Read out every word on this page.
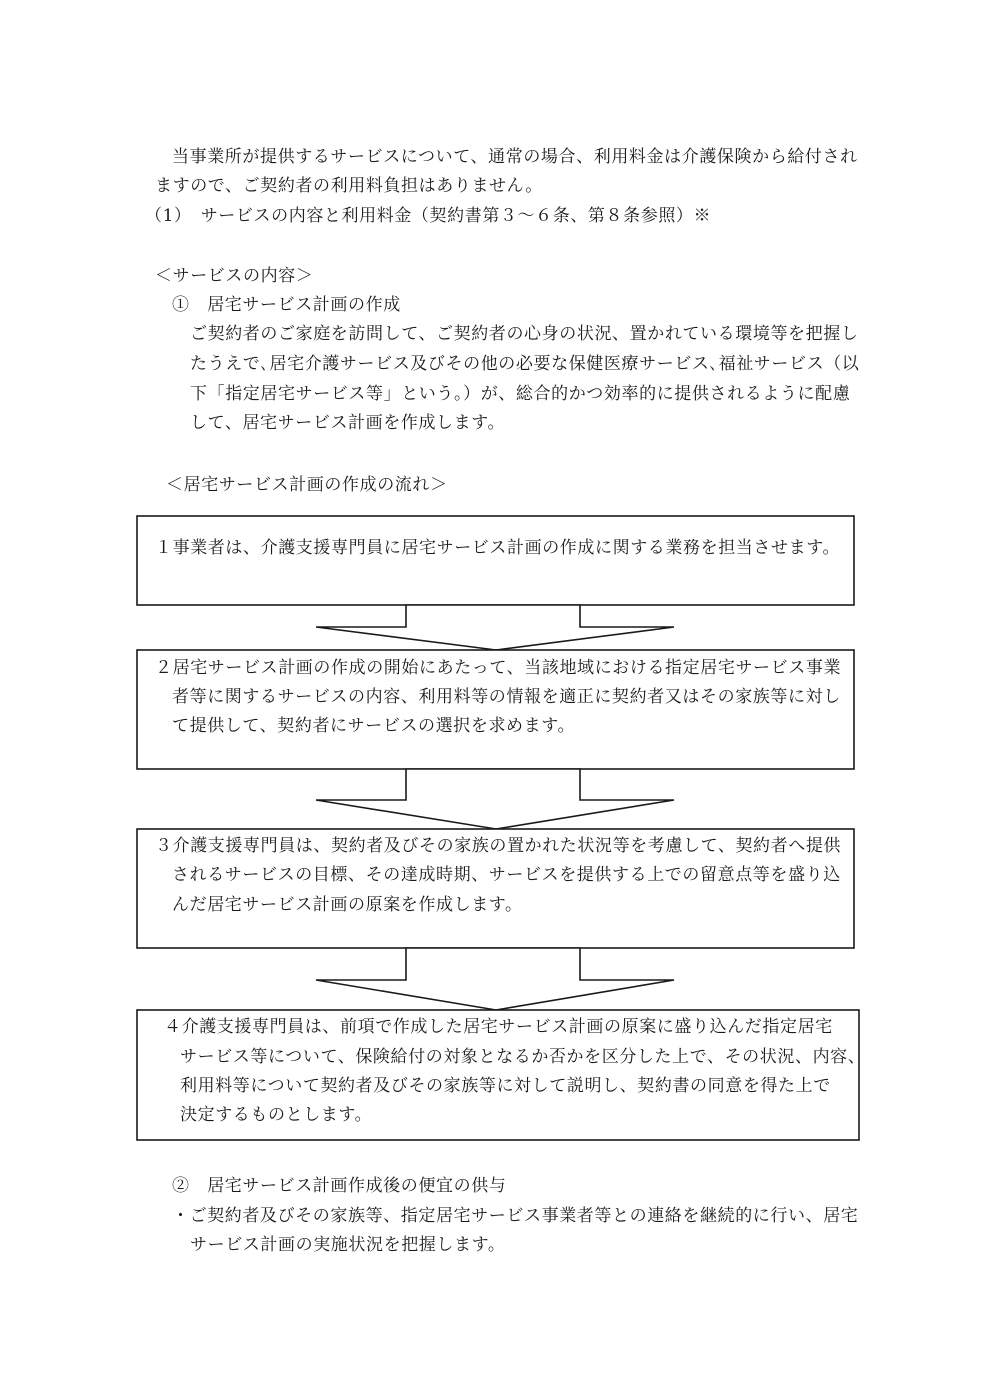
当事業所が提供するサービスについて、通常の場合、利用料金は介護保険から給付され
ますので、ご契約者の利用料負担はありません。
（1）　サービスの内容と利用料金（契約書第３～６条、第８条参照）※
＜サービスの内容＞
①　居宅サービス計画の作成
ご契約者のご家庭を訪問して、ご契約者の心身の状況、置かれている環境等を把握し
たうえで､居宅介護サービス及びその他の必要な保健医療サービス､福祉サービス（以
下「指定居宅サービス等」という。）が、総合的かつ効率的に提供されるように配慮
して、居宅サービス計画を作成します。
＜居宅サービス計画の作成の流れ＞
１事業者は、介護支援専門員に居宅サービス計画の作成に関する業務を担当させます。
２居宅サービス計画の作成の開始にあたって、当該地域における指定居宅サービス事業
者等に関するサービスの内容、利用料等の情報を適正に契約者又はその家族等に対し
て提供して、契約者にサービスの選択を求めます。
３介護支援専門員は、契約者及びその家族の置かれた状況等を考慮して、契約者へ提供
されるサービスの目標、その達成時期、サービスを提供する上での留意点等を盛り込
んだ居宅サービス計画の原案を作成します。
４介護支援専門員は、前項で作成した居宅サービス計画の原案に盛り込んだ指定居宅
サービス等について、保険給付の対象となるか否かを区分した上で、その状況、内容、
利用料等について契約者及びその家族等に対して説明し、契約書の同意を得た上で
決定するものとします。
②　居宅サービス計画作成後の便宜の供与
・ご契約者及びその家族等、指定居宅サービス事業者等との連絡を継続的に行い、居宅
サービス計画の実施状況を把握します。
